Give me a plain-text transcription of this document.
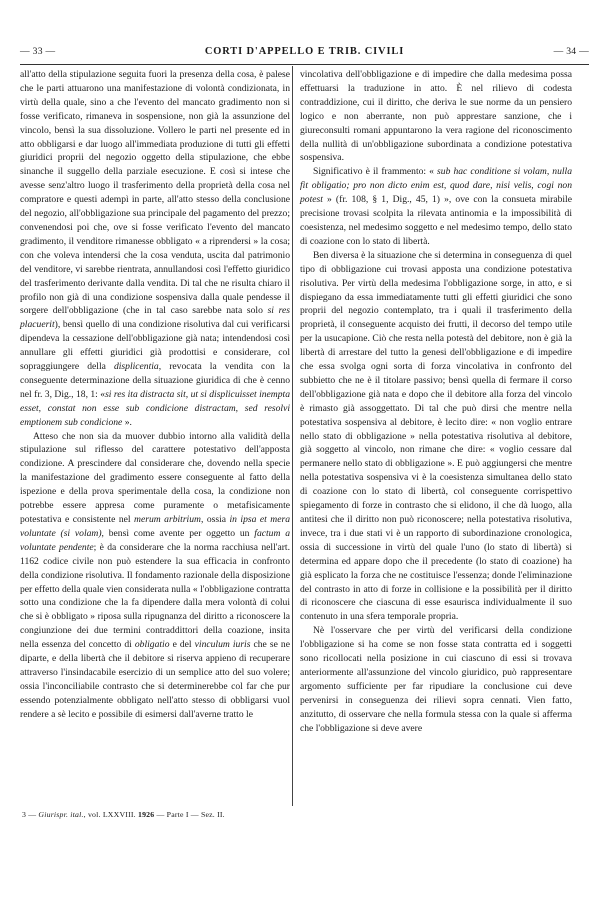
— 33 —	CORTI D'APPELLO E TRIB. CIVILI	— 34 —

all'atto della stipulazione seguita fuori la presenza della cosa, è palese che le parti attuarono una manifestazione di volontà condizionata, in virtù della quale, sino a che l'evento del mancato gradimento non si fosse verificato, rimaneva in sospensione, non già la assunzione del vincolo, bensì la sua dissoluzione. Vollero le parti nel presente ed in atto obbligarsi e dar luogo all'immediata produzione di tutti gli effetti giuridici proprii del negozio oggetto della stipulazione, che ebbe sinanche il suggello della parziale esecuzione. E così si intese che avesse senz'altro luogo il trasferimento della proprietà della cosa nel compratore e questi adempì in parte, all'atto stesso della conclusione del negozio, all'obbligazione sua principale del pagamento del prezzo; convenendosi poi che, ove si fosse verificato l'evento del mancato gradimento, il venditore rimanesse obbligato « a riprendersi » la cosa; con che voleva intendersi che la cosa venduta, uscita dal patrimonio del venditore, vi sarebbe rientrata, annullandosi così l'effetto giuridico del trasferimento derivante dalla vendita. Di tal che ne risulta chiaro il profilo non già di una condizione sospensiva dalla quale pendesse il sorgere dell'obbligazione (che in tal caso sarebbe nata solo si res placuerit), bensì quello di una condizione risolutiva dal cui verificarsi dipendeva la cessazione dell'obbligazione già nata; intendendosi così annullare gli effetti giuridici già prodottisi e considerare, col sopraggiungere della displicentia, revocata la vendita con la conseguente determinazione della situazione giuridica di che è cenno nel fr. 3, Dig., 18, 1: «si res ita distracta sit, ut si displicuisset inempta esset, constat non esse sub condicione distractam, sed resolvi emptionem sub condicione ».

Atteso che non sia da muover dubbio intorno alla validità della stipulazione sul riflesso del carattere potestativo dell'apposta condizione. A prescindere dal considerare che, dovendo nella specie la manifestazione del gradimento essere conseguente al fatto della ispezione e della prova sperimentale della cosa, la condizione non potrebbe essere appresa come puramente o metafisicamente potestativa e consistente nel merum arbitrium, ossia in ipsa et mera voluntate (si volam), bensì come avente per oggetto un factum a voluntate pendente; è da considerare che la norma racchiusa nell'art. 1162 codice civile non può estendere la sua efficacia in confronto della condizione risolutiva. Il fondamento razionale della disposizione per effetto della quale vien considerata nulla « l'obbligazione contratta sotto una condizione che la fa dipendere dalla mera volontà di colui che si è obbligato » riposa sulla ripugnanza del diritto a riconoscere la congiunzione dei due termini contraddittori della coazione, insita nella essenza del concetto di obligatio e del vinculum iuris che se ne diparte, e della libertà che il debitore si riserva appieno di recuperare attraverso l'insindacabile esercizio di un semplice atto del suo volere; ossia l'inconciliabile contrasto che si determinerebbe col far che pur essendo potenzialmente obbligato nell'atto stesso di obbligarsi vuol rendere a sè lecito e possibile di esimersi dall'averne tratto le

vincolativa dell'obbligazione e di impedire che dalla medesima possa effettuarsi la traduzione in atto. È nel rilievo di codesta contraddizione, cui il diritto, che deriva le sue norme da un pensiero logico e non aberrante, non può apprestare sanzione, che i giureconsulti romani appuntarono la vera ragione del riconoscimento della nullità di un'obbligazione subordinata a condizione potestativa sospensiva.

Significativo è il frammento: « sub hac conditione si volam, nulla fit obligatio; pro non dicto enim est, quod dare, nisi velis, cogi non potest » (fr. 108, § 1, Dig., 45, 1) », ove con la consueta mirabile precisione trovasi scolpita la rilevata antinomia e la impossibilità di coesistenza, nel medesimo soggetto e nel medesimo tempo, dello stato di coazione con lo stato di libertà.

Ben diversa è la situazione che si determina in conseguenza di quel tipo di obbligazione cui trovasi apposta una condizione potestativa risolutiva. Per virtù della medesima l'obbligazione sorge, in atto, e si dispiegano da essa immediatamente tutti gli effetti giuridici che sono proprii del negozio contemplato, tra i quali il trasferimento della proprietà, il conseguente acquisto dei frutti, il decorso del tempo utile per la usucapione. Ciò che resta nella potestà del debitore, non è già la libertà di arrestare del tutto la genesi dell'obbligazione e di impedire che essa svolga ogni sorta di forza vincolativa in confronto del subbietto che ne è il titolare passivo; bensì quella di fermare il corso dell'obbligazione già nata e dopo che il debitore alla forza del vincolo è rimasto già assoggettato. Di tal che può dirsi che mentre nella potestativa sospensiva al debitore, è lecito dire: « non voglio entrare nello stato di obbligazione » nella potestativa risolutiva al debitore, già soggetto al vincolo, non rimane che dire: « voglio cessare dal permanere nello stato di obbligazione ». E può aggiungersi che mentre nella potestativa sospensiva vi è la coesistenza simultanea dello stato di coazione con lo stato di libertà, col conseguente corrispettivo spiegamento di forze in contrasto che si elidono, il che dà luogo, alla antitesi che il diritto non può riconoscere; nella potestativa risolutiva, invece, tra i due stati vi è un rapporto di subordinazione cronologica, ossia di successione in virtù del quale l'uno (lo stato di libertà) si determina ed appare dopo che il precedente (lo stato di coazione) ha già esplicato la forza che ne costituisce l'essenza; donde l'eliminazione del contrasto in atto di forze in collisione e la possibilità per il diritto di riconoscere che ciascuna di esse esaurisca individualmente il suo contenuto in una sfera temporale propria.

Nè l'osservare che per virtù del verificarsi della condizione l'obbligazione si ha come se non fosse stata contratta ed i soggetti sono ricollocati nella posizione in cui ciascuno di essi si trovava anteriormente all'assunzione del vincolo giuridico, può rappresentare argomento sufficiente per far ripudiare la conclusione cui deve pervenirsi in conseguenza dei rilievi sopra cennati. Vien fatto, anzitutto, di osservare che nella formula stessa con la quale si afferma che l'obbligazione si deve avere

3 — Giurispr. ital., vol. LXXVIII. 1926 — Parte I — Sez. II.
